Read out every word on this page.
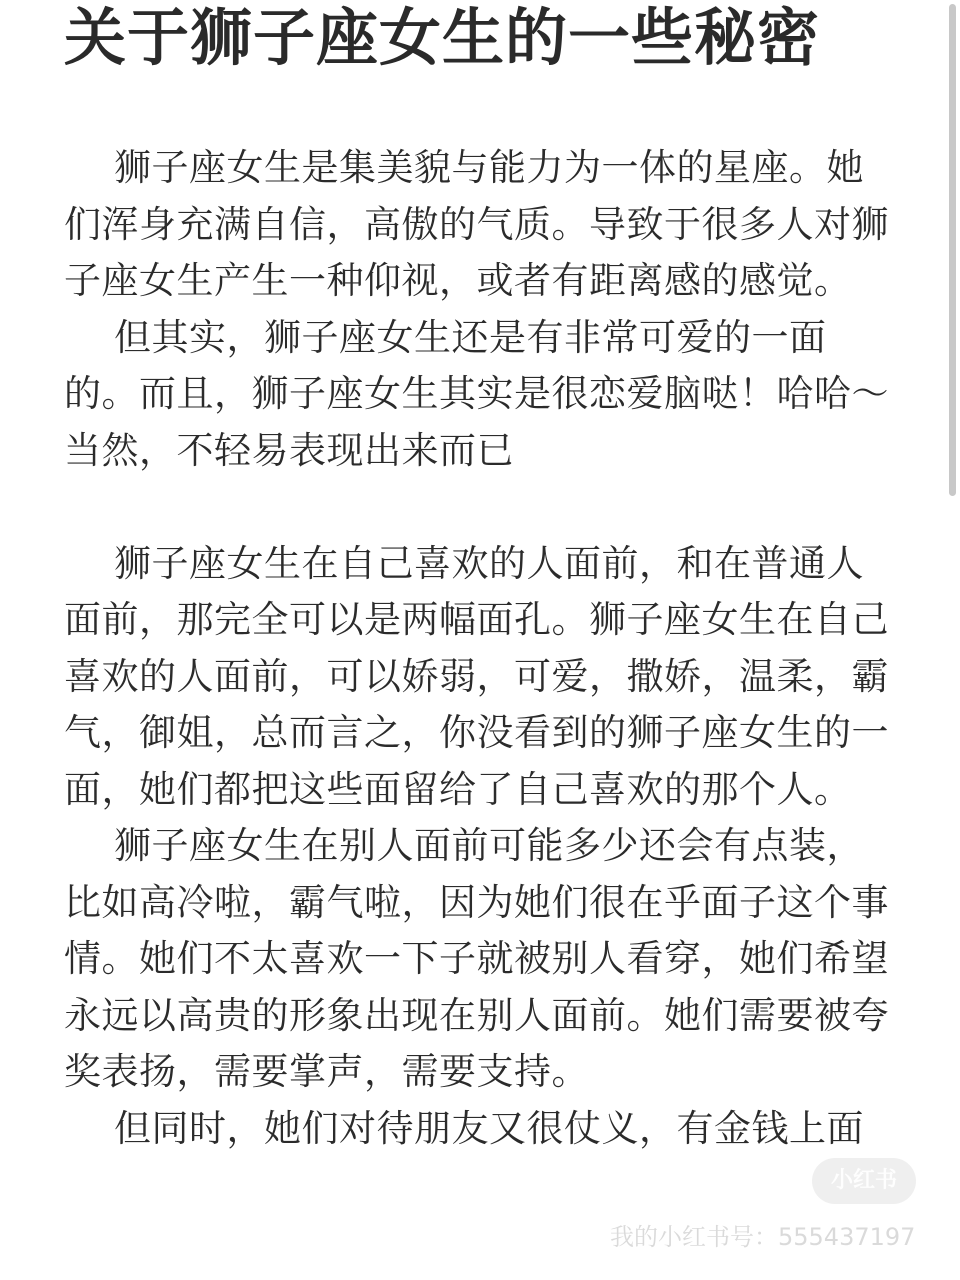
关于狮子座女生的一些秘密

狮子座女生是集美貌与能力为一体的星座。她们浑身充满自信，高傲的气质。导致于很多人对狮子座女生产生一种仰视，或者有距离感的感觉。

但其实，狮子座女生还是有非常可爱的一面的。而且，狮子座女生其实是很恋爱脑哒！哈哈～当然，不轻易表现出来而已

狮子座女生在自己喜欢的人面前，和在普通人面前，那完全可以是两幅面孔。狮子座女生在自己喜欢的人面前，可以娇弱，可爱，撒娇，温柔，霸气，御姐，总而言之，你没看到的狮子座女生的一面，她们都把这些面留给了自己喜欢的那个人。

狮子座女生在别人面前可能多少还会有点装，比如高冷啦，霸气啦，因为她们很在乎面子这个事情。她们不太喜欢一下子就被别人看穿，她们希望永远以高贵的形象出现在别人面前。她们需要被夸奖表扬，需要掌声，需要支持。

但同时，她们对待朋友又很仗义，有金钱上面

小红书
我的小红书号：555437197
